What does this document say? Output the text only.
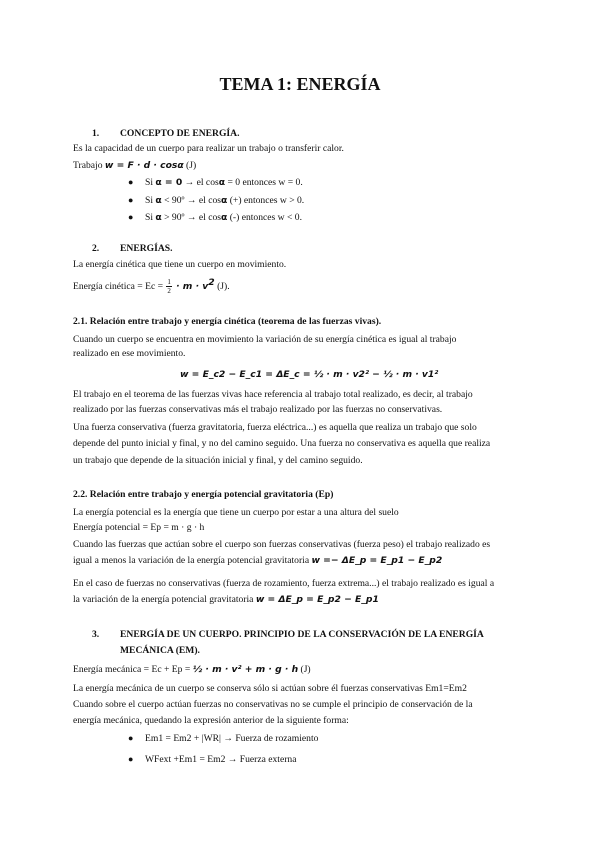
TEMA 1: ENERGÍA
1. CONCEPTO DE ENERGÍA.
Es la capacidad de un cuerpo para realizar un trabajo o transferir calor.
Trabajo w = F · d · cosα (J)
● Si α = 0 → el cosα = 0 entonces w = 0.
● Si α < 90º → el cosα (+) entonces w > 0.
● Si α > 90º → el cosα (-) entonces w < 0.
2. ENERGÍAS.
La energía cinética que tiene un cuerpo en movimiento.
Energía cinética = $Ec = \frac{1}{2} \cdot m \cdot v^2$ (J).
2.1. Relación entre trabajo y energía cinética (teorema de las fuerzas vivas).
Cuando un cuerpo se encuentra en movimiento la variación de su energía cinética es igual al trabajo
realizado en ese movimiento.
w = E_c2 − E_c1 = ΔE_c = ½ · m · v2² − ½ · m · v1²
El trabajo en el teorema de las fuerzas vivas hace referencia al trabajo total realizado, es decir, al trabajo
realizado por las fuerzas conservativas más el trabajo realizado por las fuerzas no conservativas.
Una fuerza conservativa (fuerza gravitatoria, fuerza eléctrica...) es aquella que realiza un trabajo que solo
depende del punto inicial y final, y no del camino seguido. Una fuerza no conservativa es aquella que realiza
un trabajo que depende de la situación inicial y final, y del camino seguido.
2.2. Relación entre trabajo y energía potencial gravitatoria (Ep)
La energía potencial es la energía que tiene un cuerpo por estar a una altura del suelo
Energía potencial = Ep = m · g · h
Cuando las fuerzas que actúan sobre el cuerpo son fuerzas conservativas (fuerza peso) el trabajo realizado es
igual a menos la variación de la energía potencial gravitatoria w =− ΔE_p = E_p1 − E_p2
En el caso de fuerzas no conservativas (fuerza de rozamiento, fuerza extrema...) el trabajo realizado es igual a
la variación de la energía potencial gravitatoria w = ΔE_p = E_p2 − E_p1
3. ENERGÍA DE UN CUERPO. PRINCIPIO DE LA CONSERVACIÓN DE LA ENERGÍA
MECÁNICA (EM).
Energía mecánica = Ec + Ep = ½ · m · v² + m · g · h (J)
La energía mecánica de un cuerpo se conserva sólo si actúan sobre él fuerzas conservativas Em1=Em2
Cuando sobre el cuerpo actúan fuerzas no conservativas no se cumple el principio de conservación de la
energía mecánica, quedando la expresión anterior de la siguiente forma:
● Em1 = Em2 + |WR| → Fuerza de rozamiento
● WFext +Em1 = Em2 → Fuerza externa
